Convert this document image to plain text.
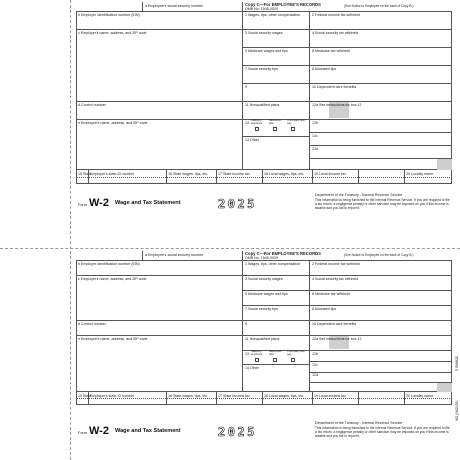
a Employee's social security number	Copy C—For EMPLOYEE'S RECORDS	(See Notice to Employee on the back of Copy B.)
OMB No. 1545-0029
b Employer identification number (EIN)
c Employer's name, address, and ZIP code
d Control number
e Employee's name, address, and ZIP code
1 Wages, tips, other compensation	2 Federal income tax withheld
3 Social security wages	4 Social security tax withheld
5 Medicare wages and tips	6 Medicare tax withheld
7 Social security tips	8 Allocated tips
9	10 Dependent care benefits
11 Nonqualified plans	12a See instructions for box 12
12b
12c
12d
13
Statutory employee
Retirement plan
Third-party sick pay
14 Other
15 State
Employer's state ID number	16 State wages, tips, etc.	17 State income tax	18 Local wages, tips, etc.	19 Local income tax	20 Locality name
Form W-2 Wage and Tax Statement	2025
Department of the Treasury - Internal Revenue Service
This information is being furnished to the Internal Revenue Service. If you are required to file a tax return, a negligence penalty or other sanction may be imposed on you if this income is taxable and you fail to report it.
a Employee's social security number	Copy C—For EMPLOYEE'S RECORDS	(See Notice to Employee on the back of Copy B.)
OMB No. 1545-0029
b Employer identification number (EIN)
c Employer's name, address, and ZIP code
d Control number
e Employee's name, address, and ZIP code
1 Wages, tips, other compensation	2 Federal income tax withheld
3 Social security wages	4 Social security tax withheld
5 Medicare wages and tips	6 Medicare tax withheld
7 Social security tips	8 Allocated tips
9	10 Dependent care benefits
11 Nonqualified plans	12a See instructions for box 12
12b
12c
12d
13
Statutory employee
Retirement plan
Third-party sick pay
14 Other
15 State
Employer's state ID number	16 State wages, tips, etc.	17 State income tax	18 Local wages, tips, etc.	19 Local income tax	20 Locality name
Form W-2 Wage and Tax Statement	2025
Department of the Treasury - Internal Revenue Service
This information is being furnished to the Internal Revenue Service. If you are required to file a tax return, a negligence penalty or other sanction may be imposed on you if this income is taxable and you fail to report it.
5 SMW2C
W2 (06/2025)
